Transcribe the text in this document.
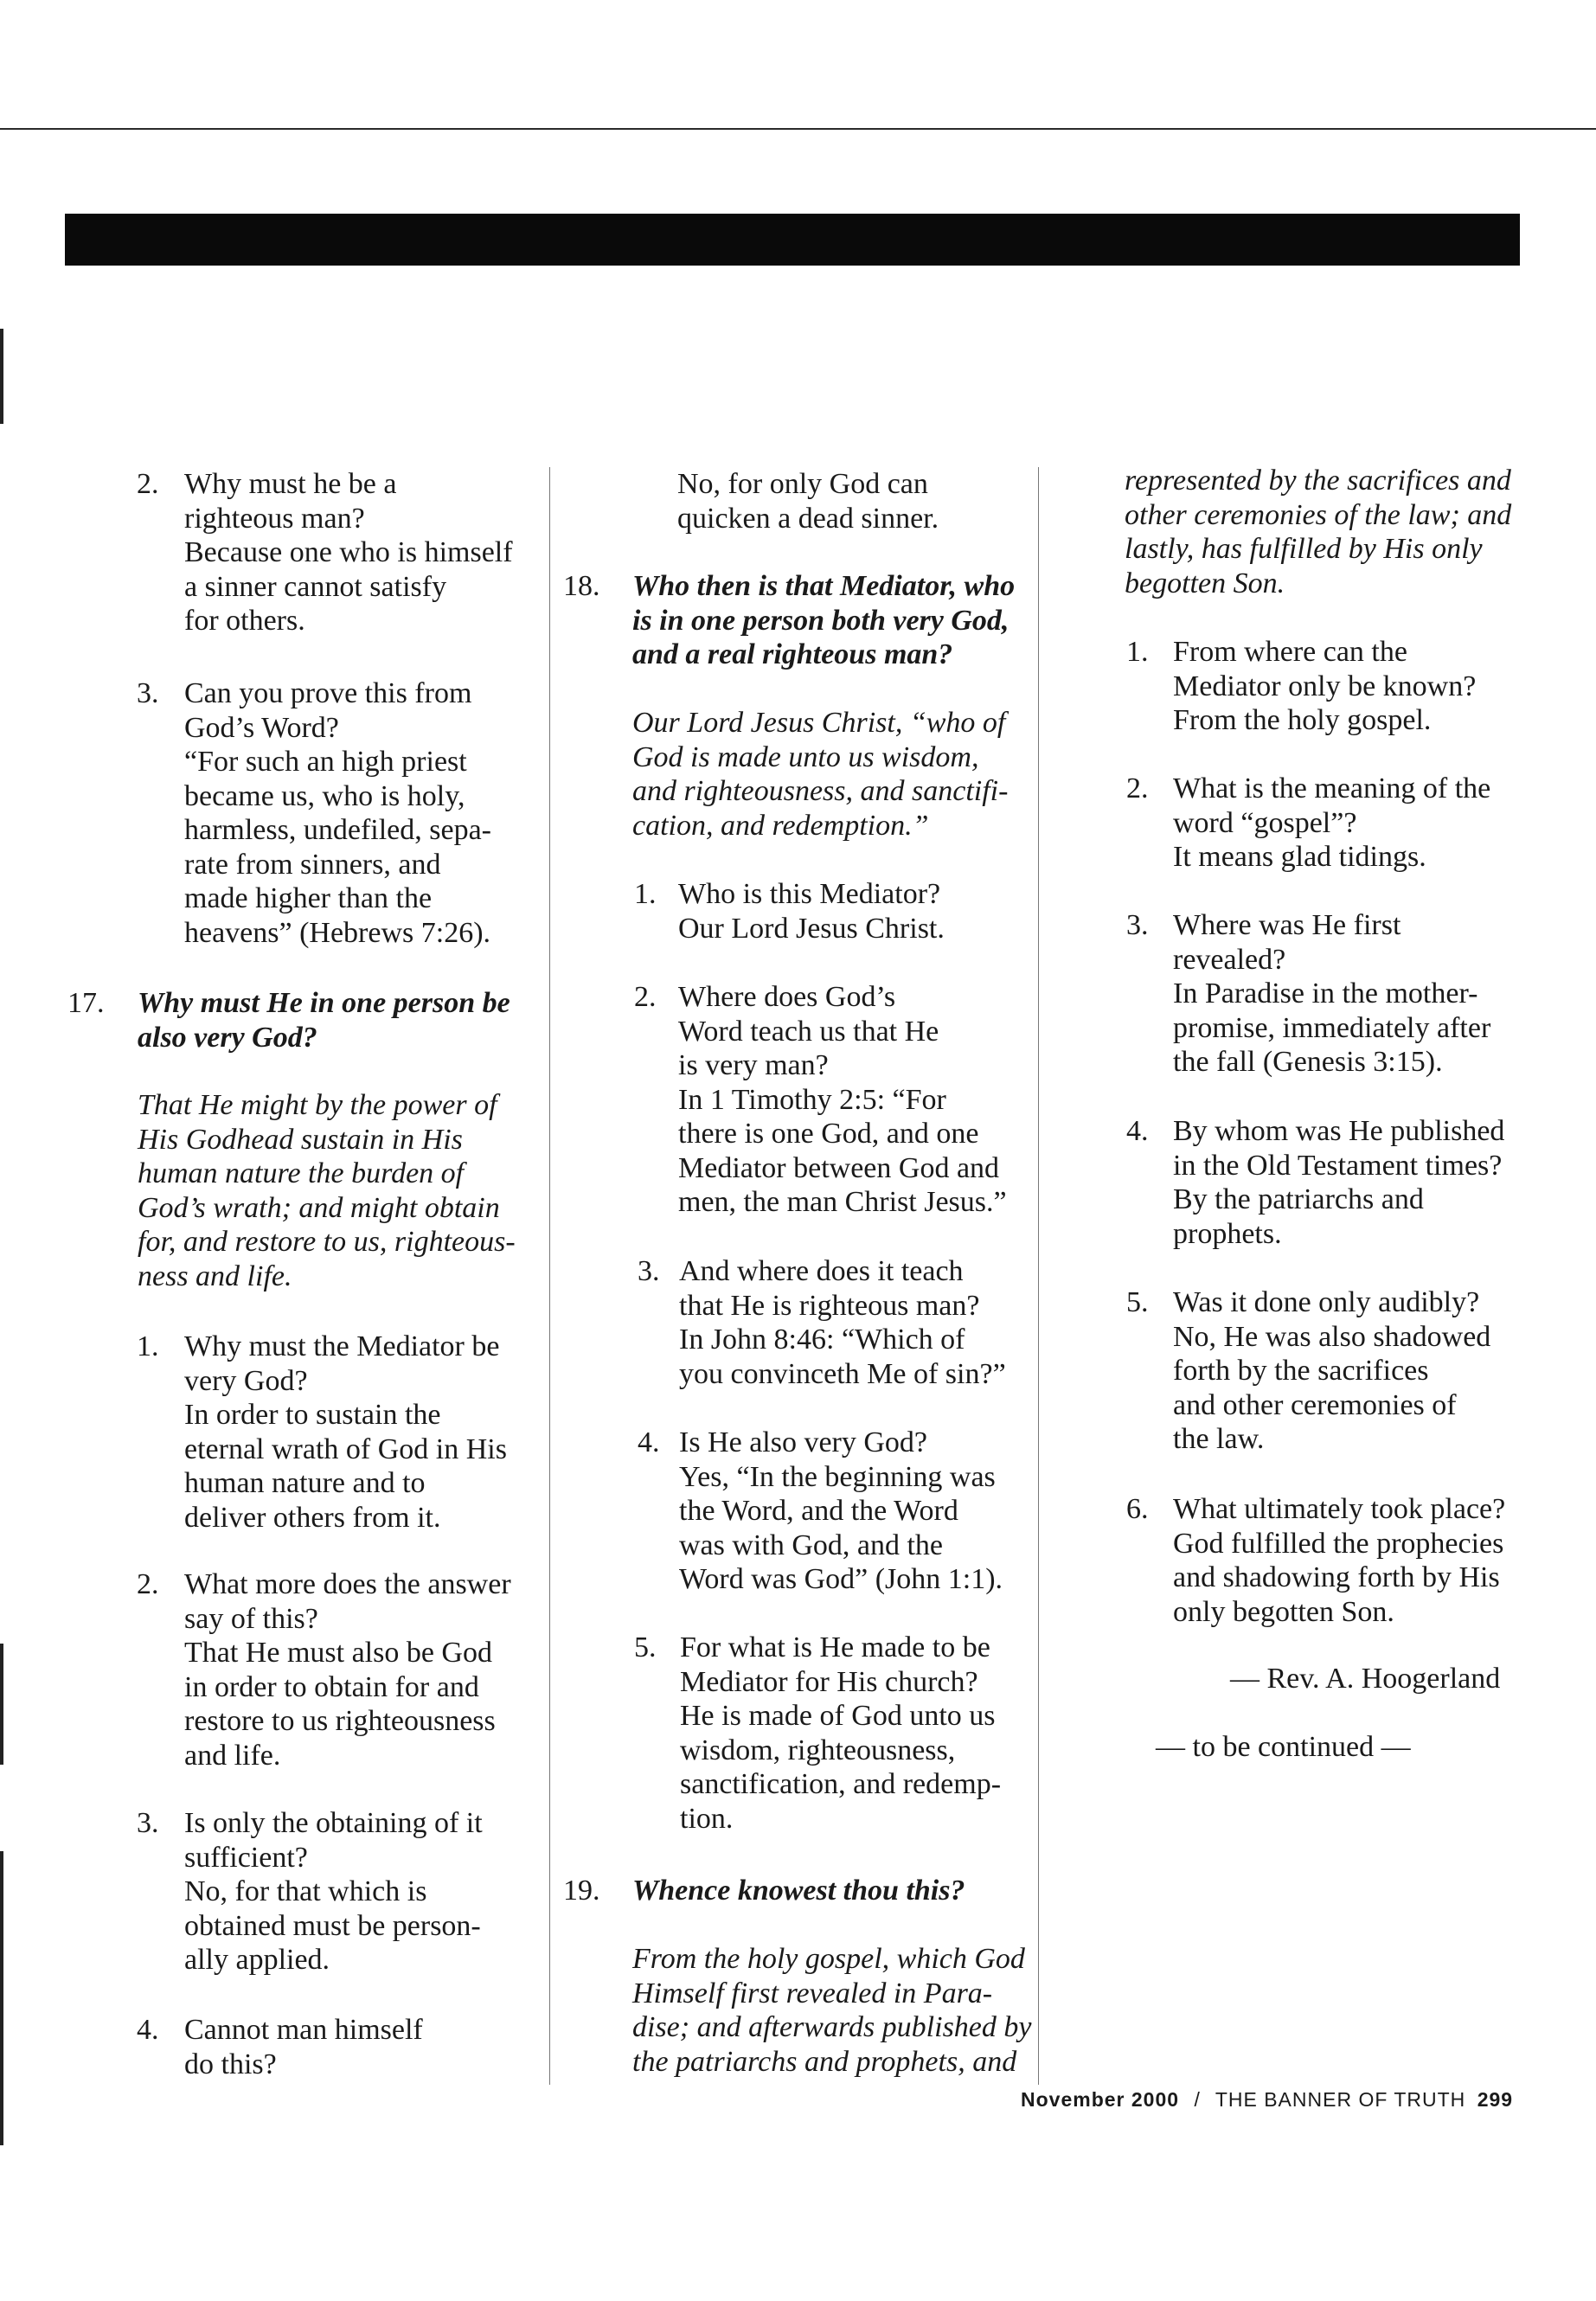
2. Why must he be a
righteous man?
Because one who is himself
a sinner cannot satisfy
for others.
3. Can you prove this from
God’s Word?
“For such an high priest
became us, who is holy,
harmless, undefiled, sepa-
rate from sinners, and
made higher than the
heavens” (Hebrews 7:26).
17. Why must He in one person be
also very God?
That He might by the power of
His Godhead sustain in His
human nature the burden of
God’s wrath; and might obtain
for, and restore to us, righteous-
ness and life.
1. Why must the Mediator be
very God?
In order to sustain the
eternal wrath of God in His
human nature and to
deliver others from it.
2. What more does the answer
say of this?
That He must also be God
in order to obtain for and
restore to us righteousness
and life.
3. Is only the obtaining of it
sufficient?
No, for that which is
obtained must be person-
ally applied.
4. Cannot man himself
do this?
No, for only God can
quicken a dead sinner.
18. Who then is that Mediator, who
is in one person both very God,
and a real righteous man?
Our Lord Jesus Christ, “who of
God is made unto us wisdom,
and righteousness, and sanctifi-
cation, and redemption.”
1. Who is this Mediator?
Our Lord Jesus Christ.
2. Where does God’s
Word teach us that He
is very man?
In 1 Timothy 2:5: “For
there is one God, and one
Mediator between God and
men, the man Christ Jesus.”
3. And where does it teach
that He is righteous man?
In John 8:46: “Which of
you convinceth Me of sin?”
4. Is He also very God?
Yes, “In the beginning was
the Word, and the Word
was with God, and the
Word was God” (John 1:1).
5. For what is He made to be
Mediator for His church?
He is made of God unto us
wisdom, righteousness,
sanctification, and redemp-
tion.
19. Whence knowest thou this?
From the holy gospel, which God
Himself first revealed in Para-
dise; and afterwards published by
the patriarchs and prophets, and
represented by the sacrifices and
other ceremonies of the law; and
lastly, has fulfilled by His only
begotten Son.
1. From where can the
Mediator only be known?
From the holy gospel.
2. What is the meaning of the
word “gospel”?
It means glad tidings.
3. Where was He first
revealed?
In Paradise in the mother-
promise, immediately after
the fall (Genesis 3:15).
4. By whom was He published
in the Old Testament times?
By the patriarchs and
prophets.
5. Was it done only audibly?
No, He was also shadowed
forth by the sacrifices
and other ceremonies of
the law.
6. What ultimately took place?
God fulfilled the prophecies
and shadowing forth by His
only begotten Son.
— Rev. A. Hoogerland
— to be continued —
November 2000 / THE BANNER OF TRUTH 299
